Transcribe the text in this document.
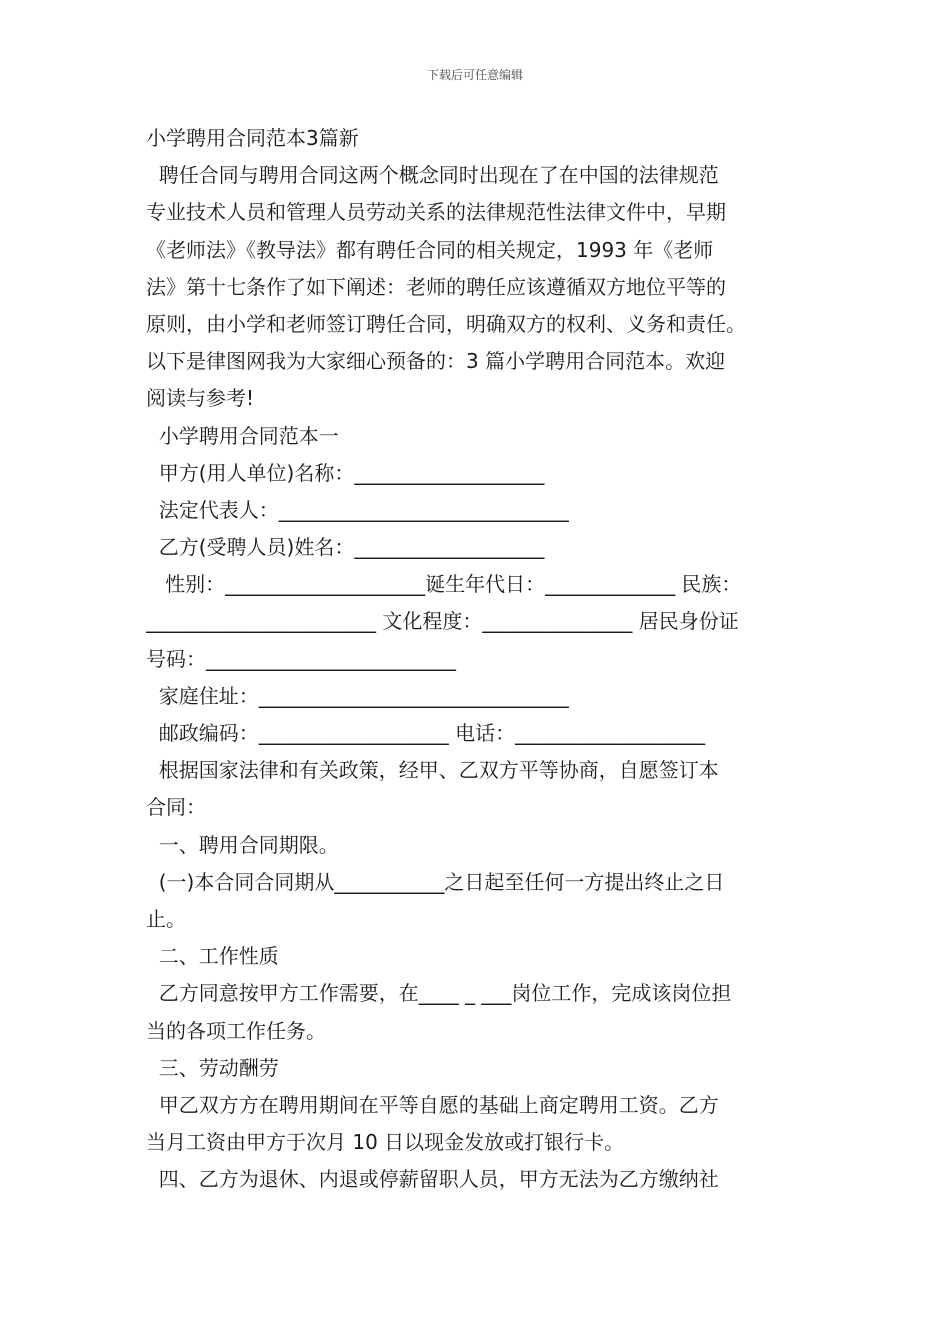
下载后可任意编辑
小学聘用合同范本3篇新
聘任合同与聘用合同这两个概念同时出现在了在中国的法律规范
专业技术人员和管理人员劳动关系的法律规范性法律文件中，早期
《老师法》《教导法》都有聘任合同的相关规定，1993 年《老师
法》第十七条作了如下阐述：老师的聘任应该遵循双方地位平等的
原则，由小学和老师签订聘任合同，明确双方的权利、义务和责任。
以下是律图网我为大家细心预备的：3 篇小学聘用合同范本。欢迎
阅读与参考!
小学聘用合同范本一
甲方(用人单位)名称：___________________
法定代表人：_____________________________
乙方(受聘人员)姓名：___________________
性别：____________________诞生年代日：_____________ 民族：
_______________________ 文化程度：_______________ 居民身份证
号码：_________________________
家庭住址：_______________________________
邮政编码：___________________ 电话：___________________
根据国家法律和有关政策，经甲、乙双方平等协商，自愿签订本
合同：
一、聘用合同期限。
(一)本合同合同期从___________之日起至任何一方提出终止之日
止。
二、工作性质
乙方同意按甲方工作需要，在____ _ ___岗位工作，完成该岗位担
当的各项工作任务。
三、劳动酬劳
甲乙双方方在聘用期间在平等自愿的基础上商定聘用工资。乙方
当月工资由甲方于次月 10 日以现金发放或打银行卡。
四、乙方为退休、内退或停薪留职人员，甲方无法为乙方缴纳社
